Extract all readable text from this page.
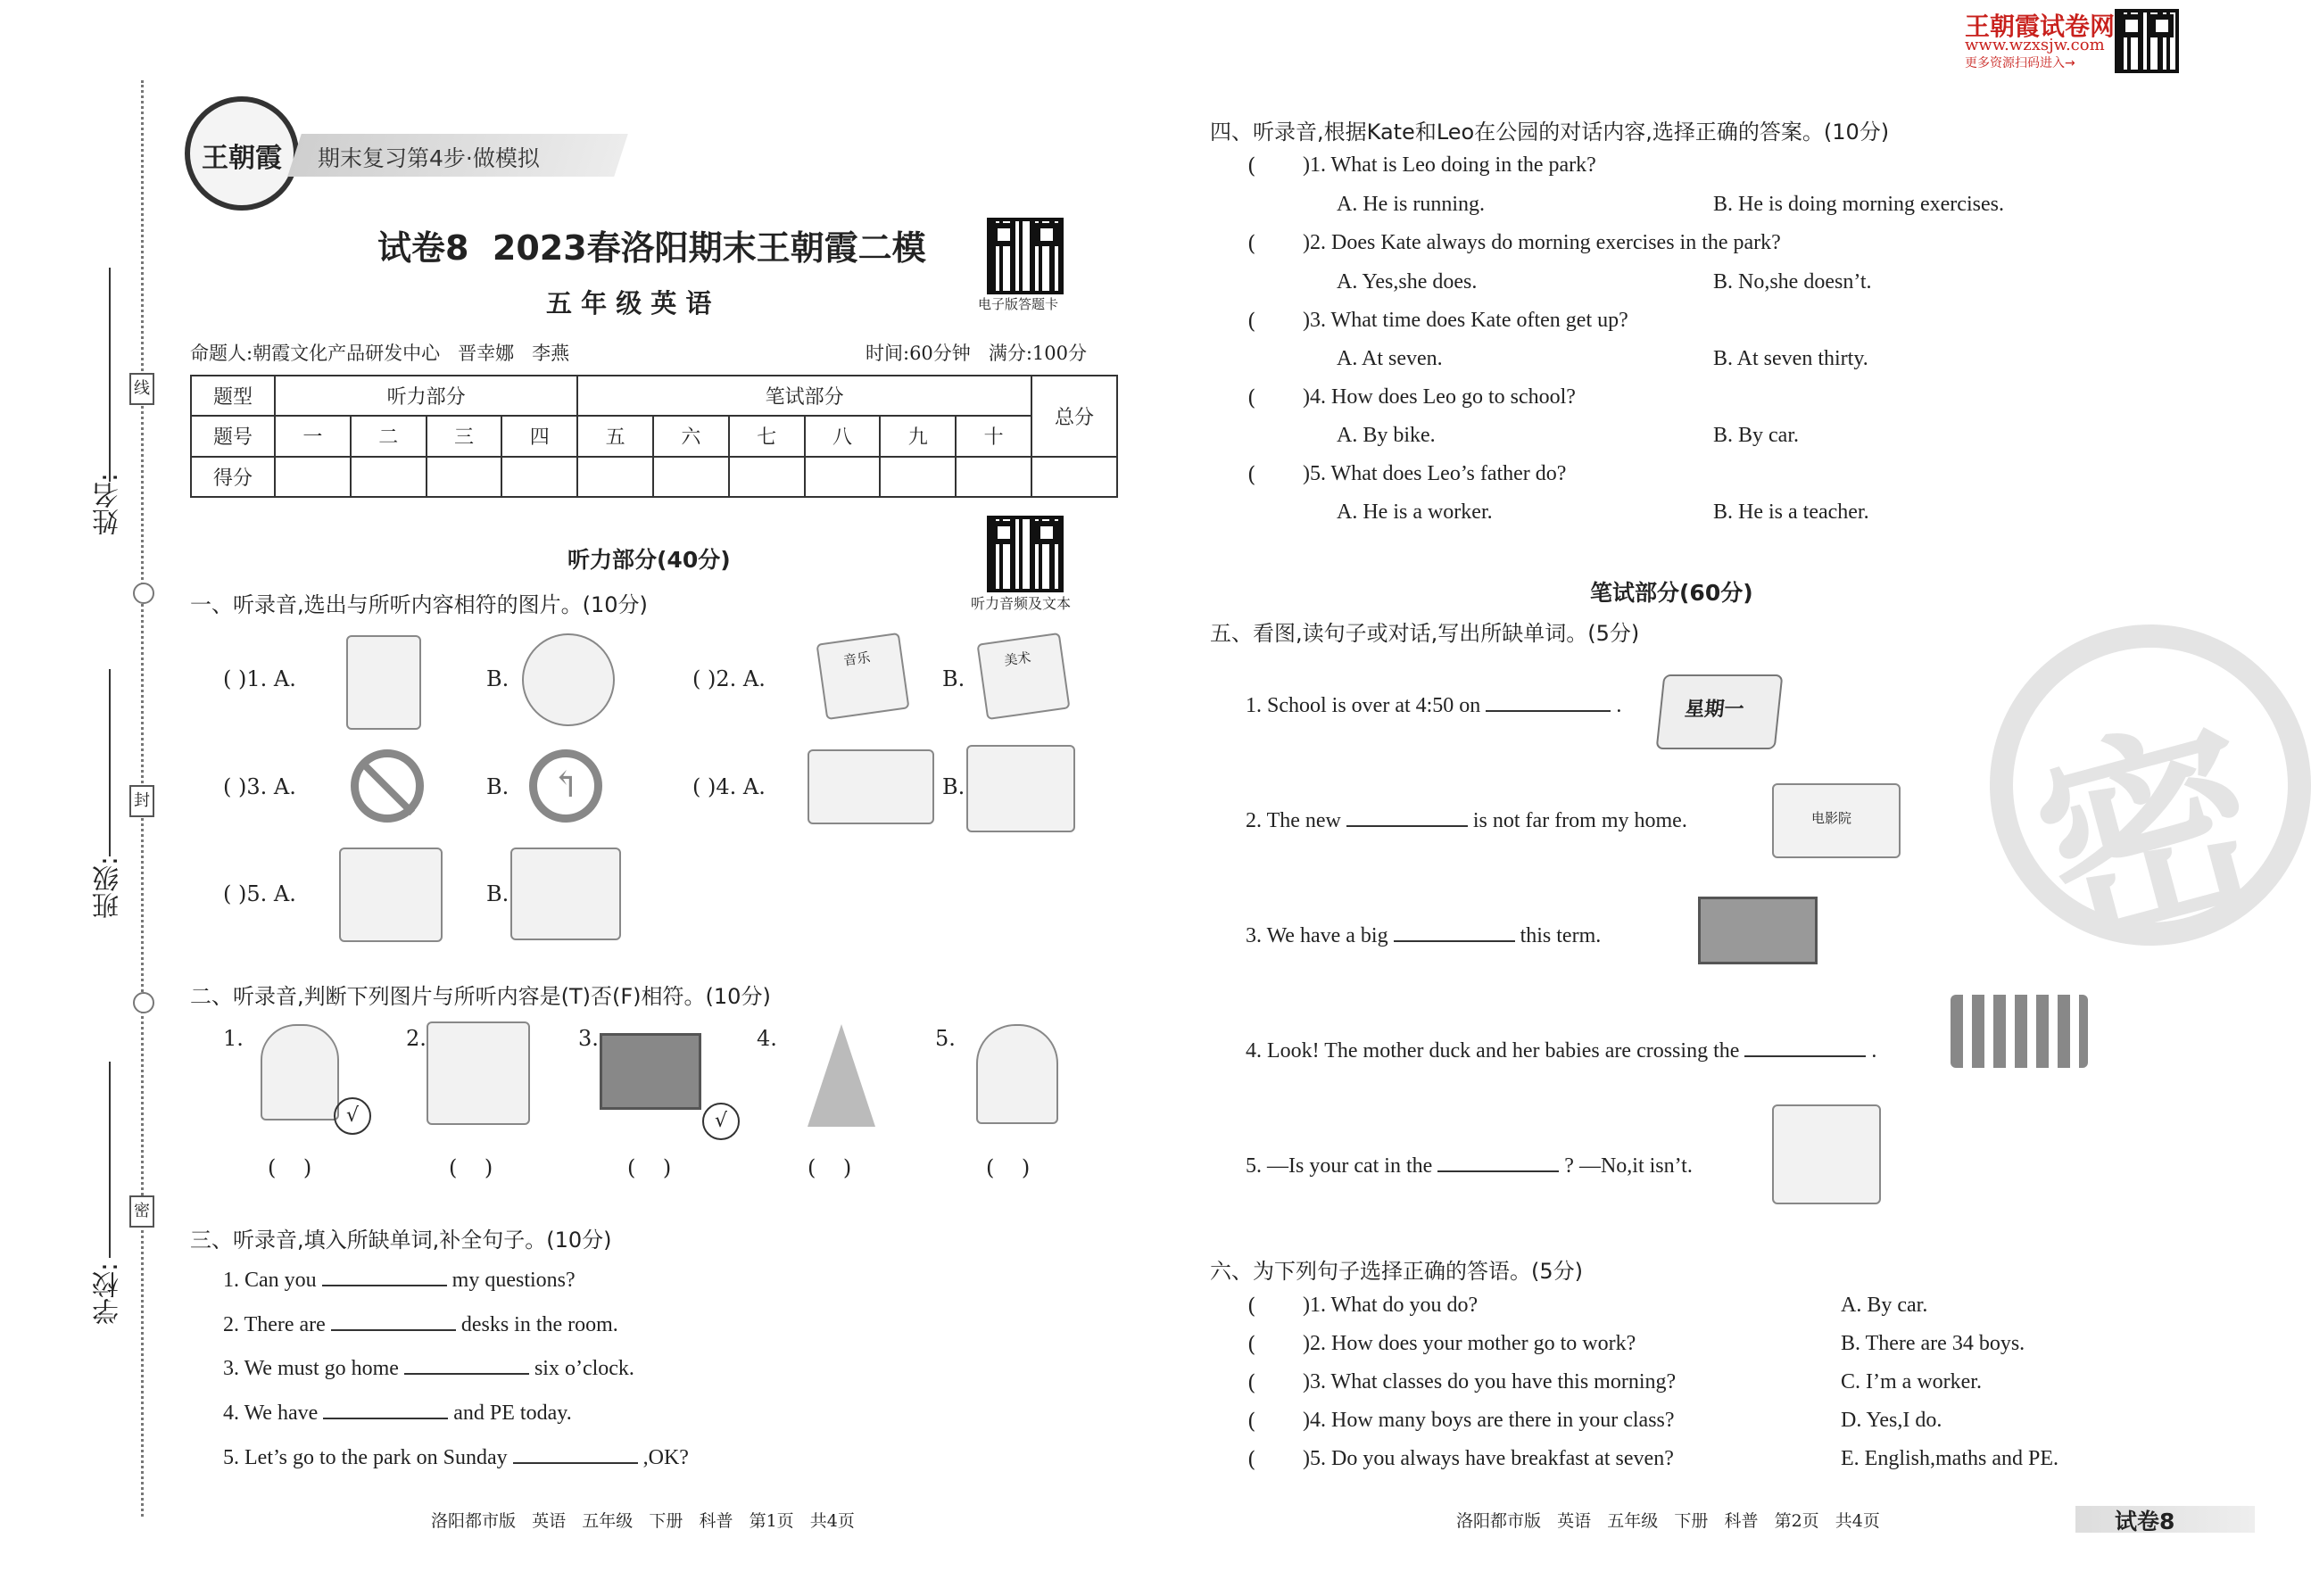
线
封
密
姓名:
班级:
学校:
王朝霞 期末复习第4步·做模拟
试卷8  2023春洛阳期末王朝霞二模
五 年 级 英 语	电子版答题卡
命题人:朝霞文化产品研发中心   晋幸娜   李燕	时间:60分钟   满分:100分
题型	听力部分				笔试部分						总分
题号	一	二	三	四	五	六	七	八	九	十	
得分											
听力部分(40分)
听力音频及文本
一、听录音,选出与所听内容相符的图片。(10分)
( )1. A.	B.	( )2. A.
音乐
B.
美术
( )3. A.	B.	↰	( )4. A.	B.
( )5. A.	B.
二、听录音,判断下列图片与所听内容是(T)否(F)相符。(10分)
1.
√
(    )
2.
(    )
3.
√
(    )
4.
(    )
5.
(    )
三、听录音,填入所缺单词,补全句子。(10分)
1. Can you	my questions?
2. There are	desks in the room.
3. We must go home	six o’clock.
4. We have	and PE today.
5. Let’s go to the park on Sunday	,OK?
洛阳都市版   英语   五年级   下册   科普   第1页   共4页
王朝霞试卷网
www.wzxsjw.com
更多资源扫码进入→
四、听录音,根据Kate和Leo在公园的对话内容,选择正确的答案。(10分)
( )1. What is Leo doing in the park?
A. He is running.	B. He is doing morning exercises.
( )2. Does Kate always do morning exercises in the park?
A. Yes,she does.	B. No,she doesn’t.
( )3. What time does Kate often get up?
A. At seven.	B. At seven thirty.
( )4. How does Leo go to school?
A. By bike.	B. By car.
( )5. What does Leo’s father do?
A. He is a worker.	B. He is a teacher.
笔试部分(60分)
五、看图,读句子或对话,写出所缺单词。(5分)
1. School is over at 4:50 on	.	星期一
2. The new	is not far from my home.	电影院
3. We have a big	this term.
4. Look! The mother duck and her babies are crossing the	.
5. —Is your cat in the	? —No,it isn’t.
六、为下列句子选择正确的答语。(5分)
( )1. What do you do?	A. By car.
( )2. How does your mother go to work?	B. There are 34 boys.
( )3. What classes do you have this morning?	C. I’m a worker.
( )4. How many boys are there in your class?	D. Yes,I do.
( )5. Do you always have breakfast at seven?	E. English,maths and PE.
密
洛阳都市版   英语   五年级   下册   科普   第2页   共4页	试卷8
